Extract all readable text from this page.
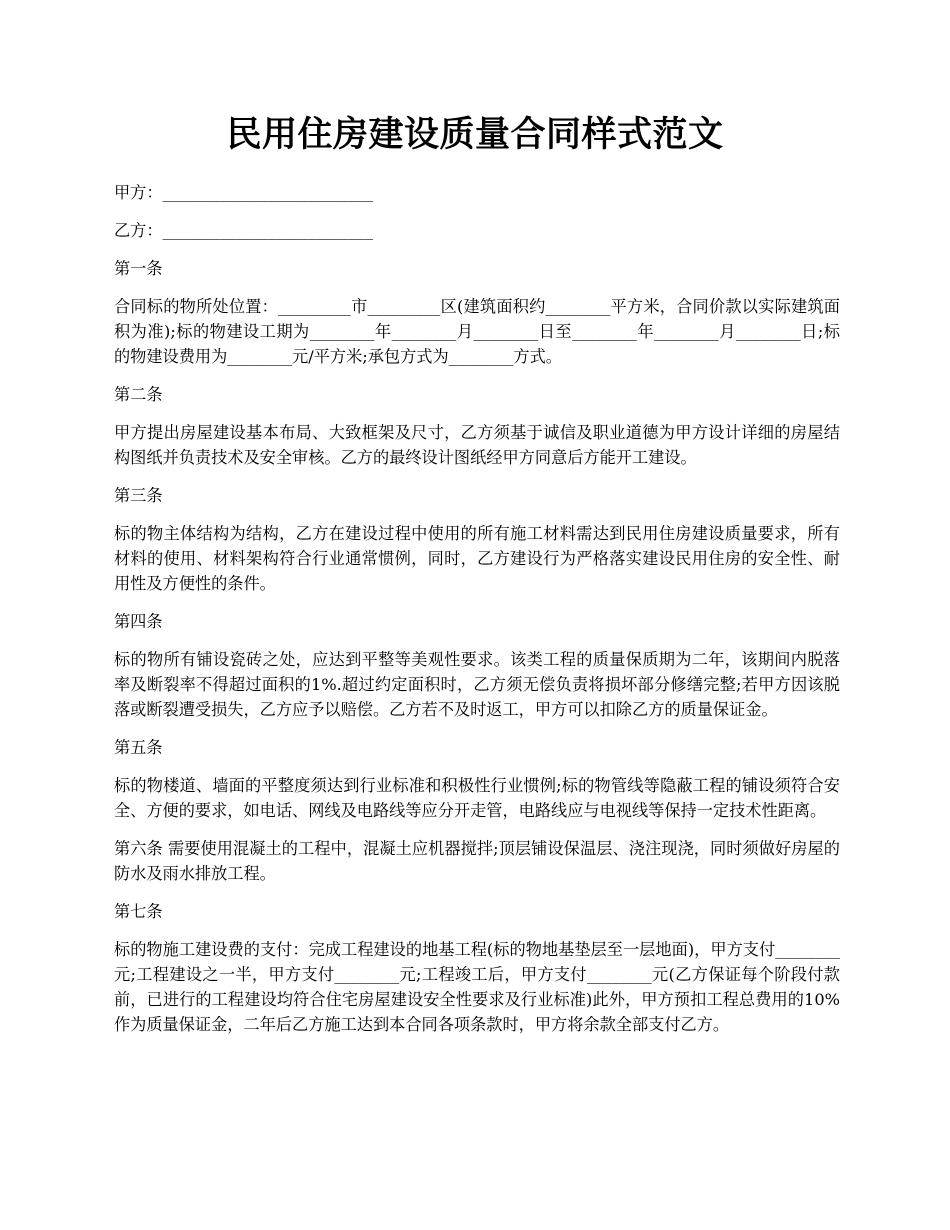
民用住房建设质量合同样式范文

甲方：__________________________

乙方：__________________________

第一条

合同标的物所处位置：_________市_________区(建筑面积约________平方米，合同价款以实际建筑面积为准);标的物建设工期为________年________月________日至________年________月________日;标的物建设费用为________元/平方米;承包方式为________方式。

第二条

甲方提出房屋建设基本布局、大致框架及尺寸，乙方须基于诚信及职业道德为甲方设计详细的房屋结构图纸并负责技术及安全审核。乙方的最终设计图纸经甲方同意后方能开工建设。

第三条

标的物主体结构为结构，乙方在建设过程中使用的所有施工材料需达到民用住房建设质量要求，所有材料的使用、材料架构符合行业通常惯例，同时，乙方建设行为严格落实建设民用住房的安全性、耐用性及方便性的条件。

第四条

标的物所有铺设瓷砖之处，应达到平整等美观性要求。该类工程的质量保质期为二年，该期间内脱落率及断裂率不得超过面积的1%.超过约定面积时，乙方须无偿负责将损坏部分修缮完整;若甲方因该脱落或断裂遭受损失，乙方应予以赔偿。乙方若不及时返工，甲方可以扣除乙方的质量保证金。

第五条

标的物楼道、墙面的平整度须达到行业标准和积极性行业惯例;标的物管线等隐蔽工程的铺设须符合安全、方便的要求，如电话、网线及电路线等应分开走管，电路线应与电视线等保持一定技术性距离。

第六条 需要使用混凝土的工程中，混凝土应机器搅拌;顶层铺设保温层、浇注现浇，同时须做好房屋的防水及雨水排放工程。

第七条

标的物施工建设费的支付：完成工程建设的地基工程(标的物地基垫层至一层地面)，甲方支付________元;工程建设之一半，甲方支付________元;工程竣工后，甲方支付________元(乙方保证每个阶段付款前，已进行的工程建设均符合住宅房屋建设安全性要求及行业标准)此外，甲方预扣工程总费用的10%作为质量保证金，二年后乙方施工达到本合同各项条款时，甲方将余款全部支付乙方。
